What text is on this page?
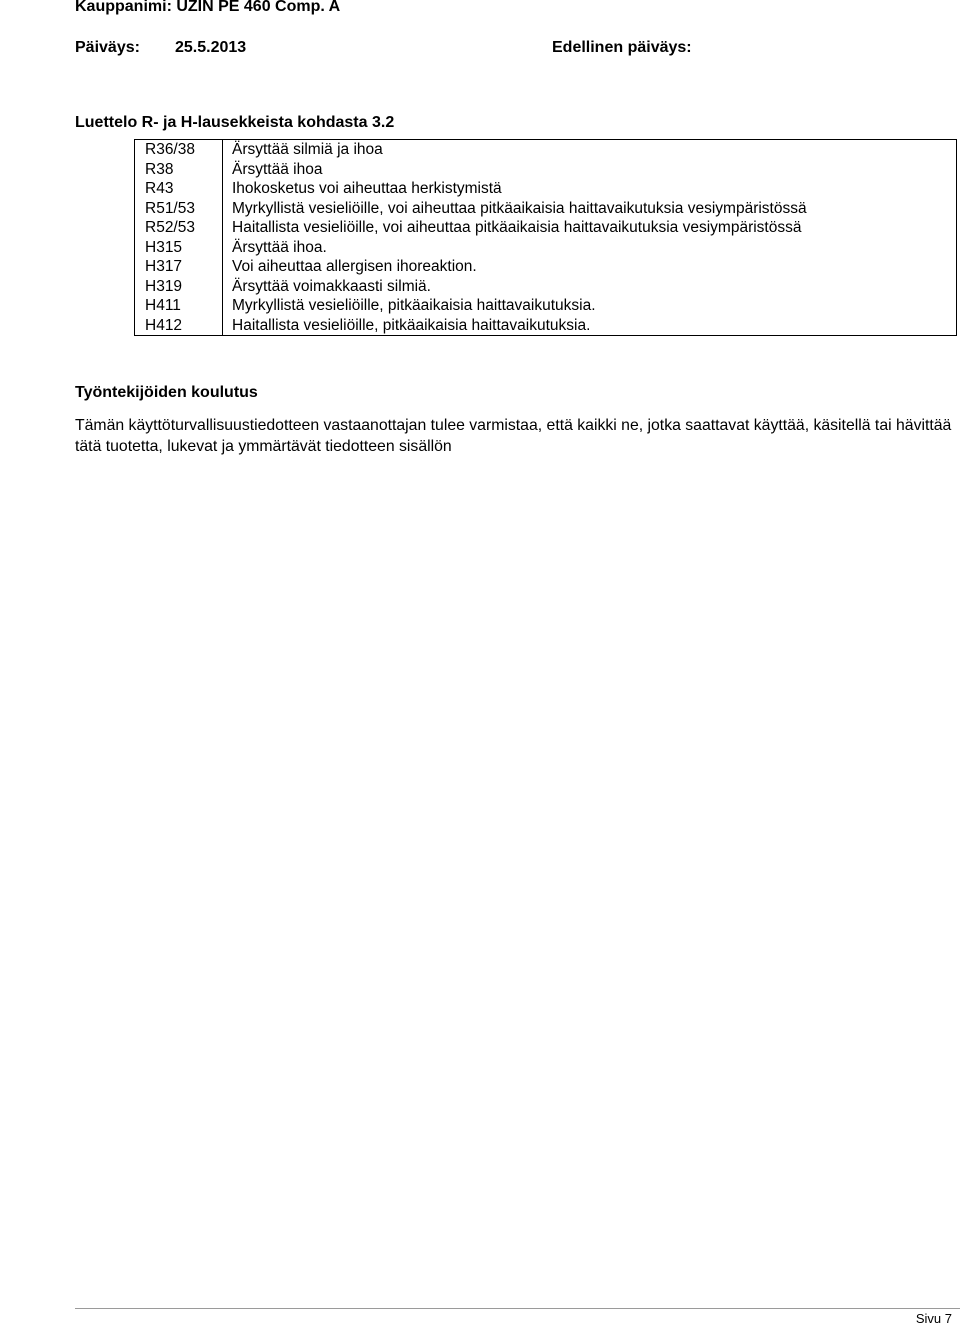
Kauppanimi: UZIN PE 460 Comp. A
Päiväys: 25.5.2013	Edellinen päiväys:
Luettelo R- ja H-lausekkeista kohdasta 3.2
R36/38	Ärsyttää silmiä ja ihoa
R38	Ärsyttää ihoa
R43	Ihokosketus voi aiheuttaa herkistymistä
R51/53	Myrkyllistä vesieliöille, voi aiheuttaa pitkäaikaisia haittavaikutuksia vesiympäristössä
R52/53	Haitallista vesieliöille, voi aiheuttaa pitkäaikaisia haittavaikutuksia vesiympäristössä
H315	Ärsyttää ihoa.
H317	Voi aiheuttaa allergisen ihoreaktion.
H319	Ärsyttää voimakkaasti silmiä.
H411	Myrkyllistä vesieliöille, pitkäaikaisia haittavaikutuksia.
H412	Haitallista vesieliöille, pitkäaikaisia haittavaikutuksia.
Työntekijöiden koulutus
Tämän käyttöturvallisuustiedotteen vastaanottajan tulee varmistaa, että kaikki ne, jotka saattavat käyttää, käsitellä tai hävittää tätä tuotetta, lukevat ja ymmärtävät tiedotteen sisällön
Sivu 7
